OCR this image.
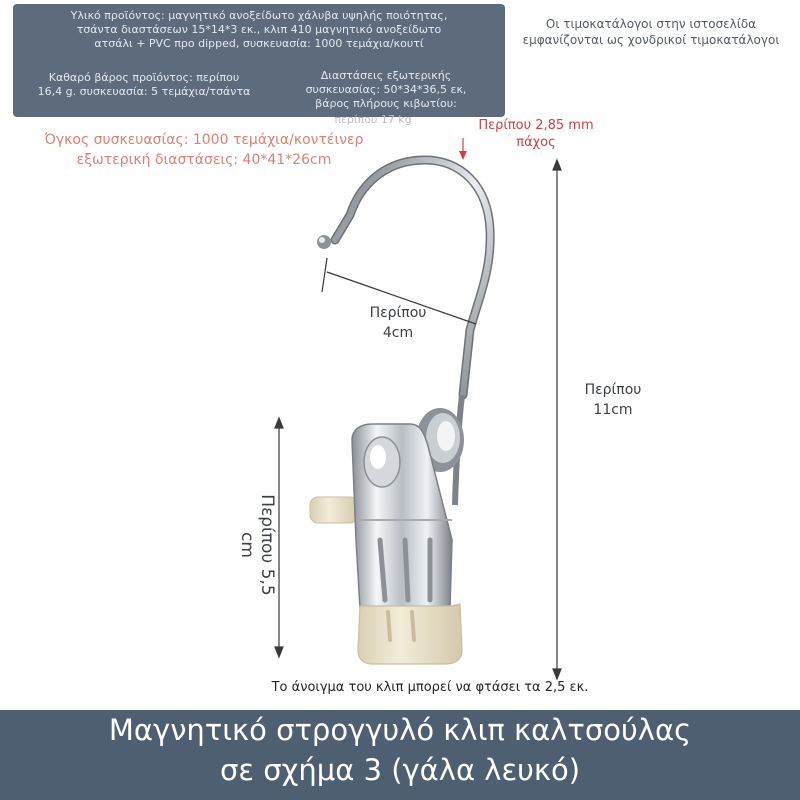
Υλικό προϊόντος: μαγνητικό ανοξείδωτο χάλυβα υψηλής ποιότητας,
τσάντα διαστάσεων 15*14*3 εκ., κλιπ 410 μαγνητικό ανοξείδωτο
ατσάλι + PVC προ dipped, συσκευασία: 1000 τεμάχια/κουτί
Καθαρό βάρος προϊόντος: περίπου
16,4 g. συσκευασία: 5 τεμάχια/τσάντα
Διαστάσεις εξωτερικής
συσκευασίας: 50*34*36,5 εκ,
βάρος πλήρους κιβωτίου:
περίπου 17 kg
Οι τιμοκατάλογοι στην ιστοσελίδα
εμφανίζονται ως χονδρικοί τιμοκατάλογοι
Όγκος συσκευασίας: 1000 τεμάχια/κοντέινερ
εξωτερική διαστάσεις: 40*41*26cm
Περίπου 2,85 mm
πάχος
Περίπου
4cm
Περίπου
11cm
Περίπου 5,5 cm
Το άνοιγμα του κλιπ μπορεί να φτάσει τα 2,5 εκ.
Μαγνητικό στρογγυλό κλιπ καλτσούλας
σε σχήμα 3 (γάλα λευκό)
